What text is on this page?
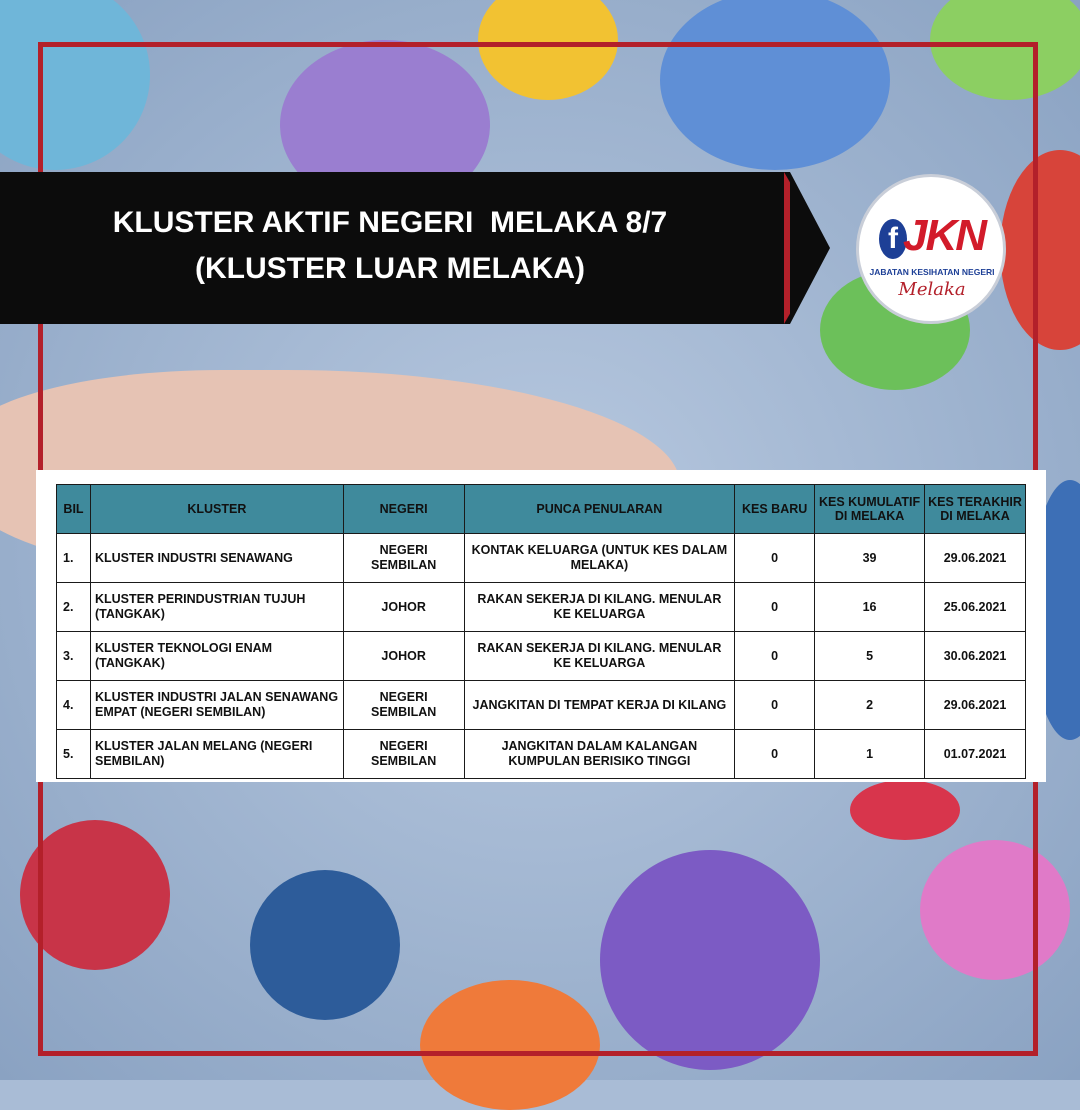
KLUSTER AKTIF NEGERI  MELAKA 8/7
(KLUSTER LUAR MELAKA)
f JKN
JABATAN KESIHATAN NEGERI
Melaka
BIL	KLUSTER	NEGERI	PUNCA PENULARAN	KES BARU	KES KUMULATIF DI MELAKA	KES TERAKHIR DI MELAKA
1.	KLUSTER INDUSTRI SENAWANG	NEGERI SEMBILAN	KONTAK KELUARGA (UNTUK KES DALAM MELAKA)	0	39	29.06.2021
2.	KLUSTER PERINDUSTRIAN TUJUH (TANGKAK)	JOHOR	RAKAN SEKERJA DI KILANG. MENULAR KE KELUARGA	0	16	25.06.2021
3.	KLUSTER TEKNOLOGI ENAM (TANGKAK)	JOHOR	RAKAN SEKERJA DI KILANG. MENULAR KE KELUARGA	0	5	30.06.2021
4.	KLUSTER INDUSTRI JALAN SENAWANG EMPAT (NEGERI SEMBILAN)	NEGERI SEMBILAN	JANGKITAN DI TEMPAT KERJA DI KILANG	0	2	29.06.2021
5.	KLUSTER JALAN MELANG (NEGERI SEMBILAN)	NEGERI SEMBILAN	JANGKITAN DALAM KALANGAN KUMPULAN BERISIKO TINGGI	0	1	01.07.2021
